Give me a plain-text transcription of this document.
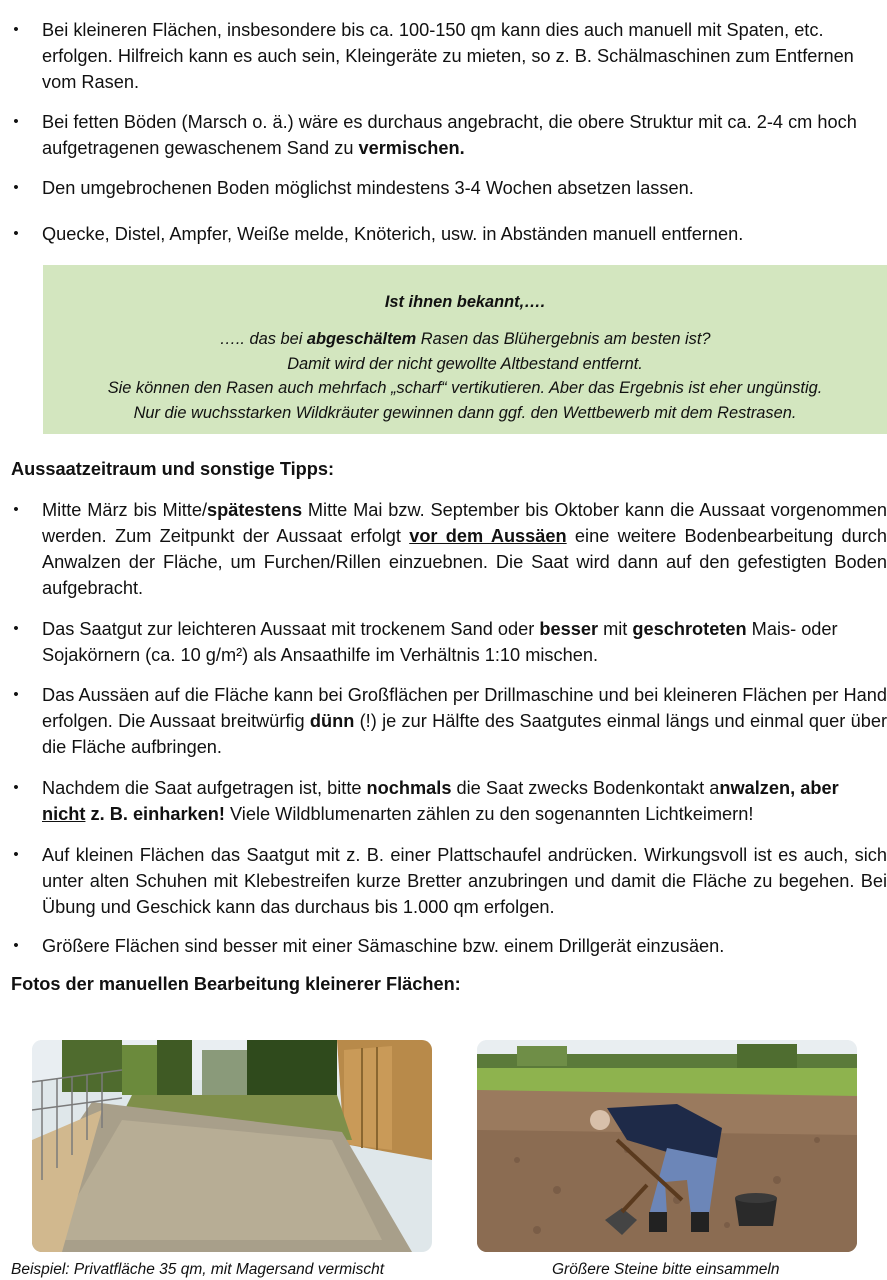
• Bei kleineren Flächen, insbesondere bis ca. 100-150 qm kann dies auch manuell mit Spaten, etc. erfolgen. Hilfreich kann es auch sein, Kleingeräte zu mieten, so z. B. Schälmaschinen zum Entfernen vom Rasen.
• Bei fetten Böden (Marsch o. ä.) wäre es durchaus angebracht, die obere Struktur mit ca. 2-4 cm hoch aufgetragenen gewaschenem Sand zu vermischen.
• Den umgebrochenen Boden möglichst mindestens 3-4 Wochen absetzen lassen.
• Quecke, Distel, Ampfer, Weiße melde, Knöterich, usw. in Abständen manuell entfernen.
Ist ihnen bekannt,….
….. das bei abgeschältem Rasen das Blühergebnis am besten ist?
Damit wird der nicht gewollte Altbestand entfernt.
Sie können den Rasen auch mehrfach „scharf“ vertikutieren. Aber das Ergebnis ist eher ungünstig.
Nur die wuchsstarken Wildkräuter gewinnen dann ggf. den Wettbewerb mit dem Restrasen.
Aussaatzeitraum und sonstige Tipps:
• Mitte März bis Mitte/spätestens Mitte Mai bzw. September bis Oktober kann die Aussaat vorgenommen werden. Zum Zeitpunkt der Aussaat erfolgt vor dem Aussäen eine weitere Bodenbearbeitung durch Anwalzen der Fläche, um Furchen/Rillen einzuebnen. Die Saat wird dann auf den gefestigten Boden aufgebracht.
• Das Saatgut zur leichteren Aussaat mit trockenem Sand oder besser mit geschroteten Mais- oder Sojakörnern (ca. 10 g/m²) als Ansaathilfe im Verhältnis 1:10 mischen.
• Das Aussäen auf die Fläche kann bei Großflächen per Drillmaschine und bei kleineren Flächen per Hand erfolgen. Die Aussaat breitwürfig dünn (!) je zur Hälfte des Saatgutes einmal längs und einmal quer über die Fläche aufbringen.
• Nachdem die Saat aufgetragen ist, bitte nochmals die Saat zwecks Bodenkontakt anwalzen, aber
nicht z. B. einharken! Viele Wildblumenarten zählen zu den sogenannten Lichtkeimern!
• Auf kleinen Flächen das Saatgut mit z. B. einer Plattschaufel andrücken. Wirkungsvoll ist es auch, sich unter alten Schuhen mit Klebestreifen kurze Bretter anzubringen und damit die Fläche zu begehen. Bei Übung und Geschick kann das durchaus bis 1.000 qm erfolgen.
• Größere Flächen sind besser mit einer Sämaschine bzw. einem Drillgerät einzusäen.
Fotos der manuellen Bearbeitung kleinerer Flächen:
Beispiel: Privatfläche 35 qm, mit Magersand vermischt	Größere Steine bitte einsammeln
